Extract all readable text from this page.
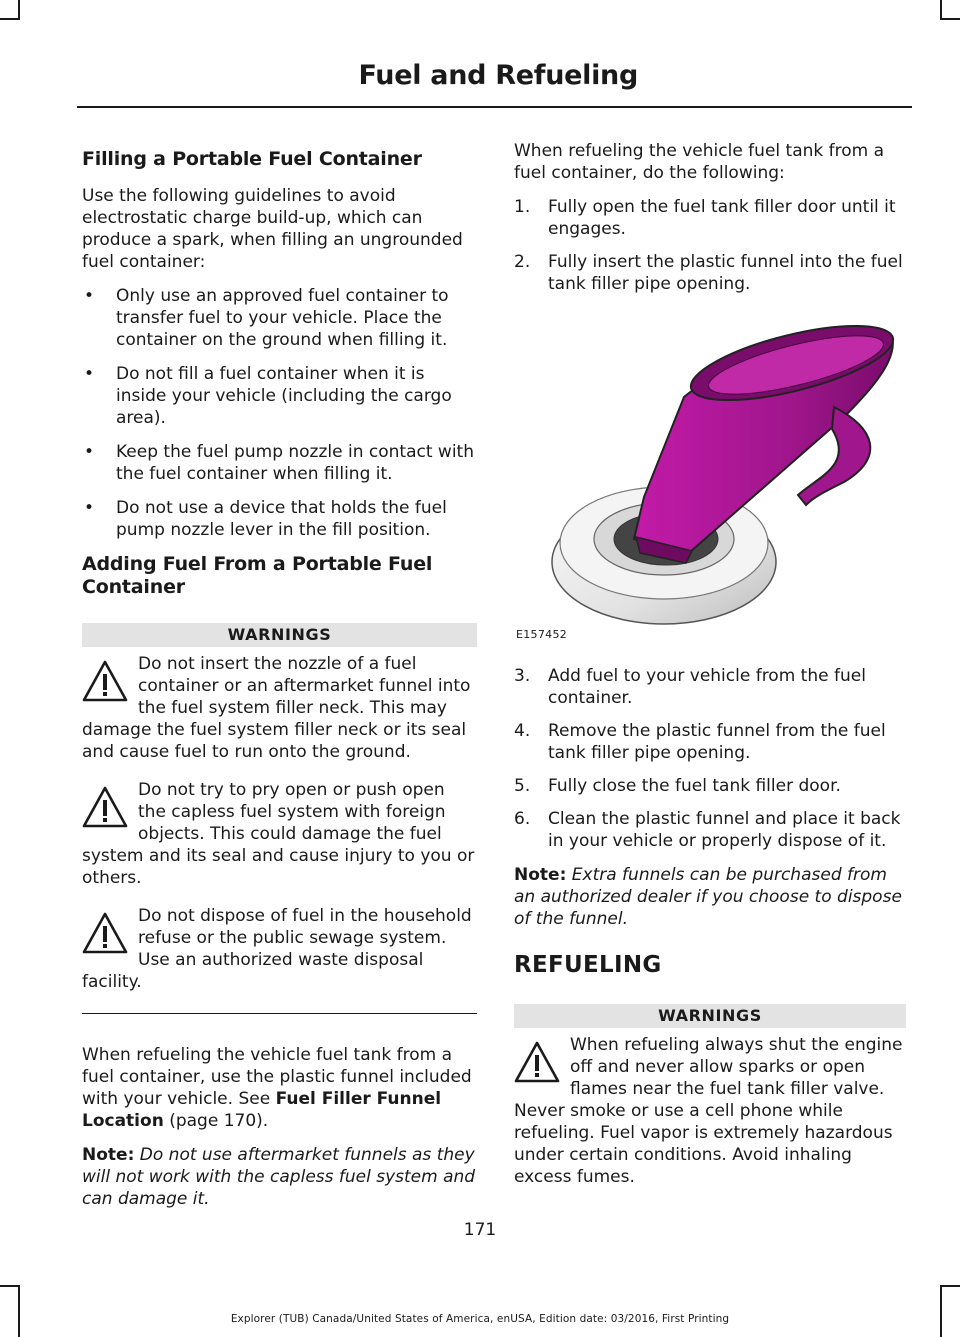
Fuel and Refueling
Filling a Portable Fuel Container

Use the following guidelines to avoid electrostatic charge build-up, which can produce a spark, when filling an ungrounded fuel container:

• Only use an approved fuel container to transfer fuel to your vehicle. Place the container on the ground when filling it.
• Do not fill a fuel container when it is inside your vehicle (including the cargo area).
• Keep the fuel pump nozzle in contact with the fuel container when filling it.
• Do not use a device that holds the fuel pump nozzle lever in the fill position.
Adding Fuel From a Portable Fuel Container
WARNINGS
Do not insert the nozzle of a fuel container or an aftermarket funnel into the fuel system filler neck. This may damage the fuel system filler neck or its seal and cause fuel to run onto the ground.
Do not try to pry open or push open the capless fuel system with foreign objects. This could damage the fuel system and its seal and cause injury to you or others.
Do not dispose of fuel in the household refuse or the public sewage system. Use an authorized waste disposal facility.

When refueling the vehicle fuel tank from a fuel container, use the plastic funnel included with your vehicle. See Fuel Filler Funnel Location (page 170).

Note: Do not use aftermarket funnels as they will not work with the capless fuel system and can damage it.

When refueling the vehicle fuel tank from a fuel container, do the following:

1. Fully open the fuel tank filler door until it engages.
2. Fully insert the plastic funnel into the fuel tank filler pipe opening.
E157452
3. Add fuel to your vehicle from the fuel container.
4. Remove the plastic funnel from the fuel tank filler pipe opening.
5. Fully close the fuel tank filler door.
6. Clean the plastic funnel and place it back in your vehicle or properly dispose of it.

Note: Extra funnels can be purchased from an authorized dealer if you choose to dispose of the funnel.

REFUELING
WARNINGS
When refueling always shut the engine off and never allow sparks or open flames near the fuel tank filler valve. Never smoke or use a cell phone while refueling. Fuel vapor is extremely hazardous under certain conditions. Avoid inhaling excess fumes.
171
Explorer (TUB) Canada/United States of America, enUSA, Edition date: 03/2016, First Printing
